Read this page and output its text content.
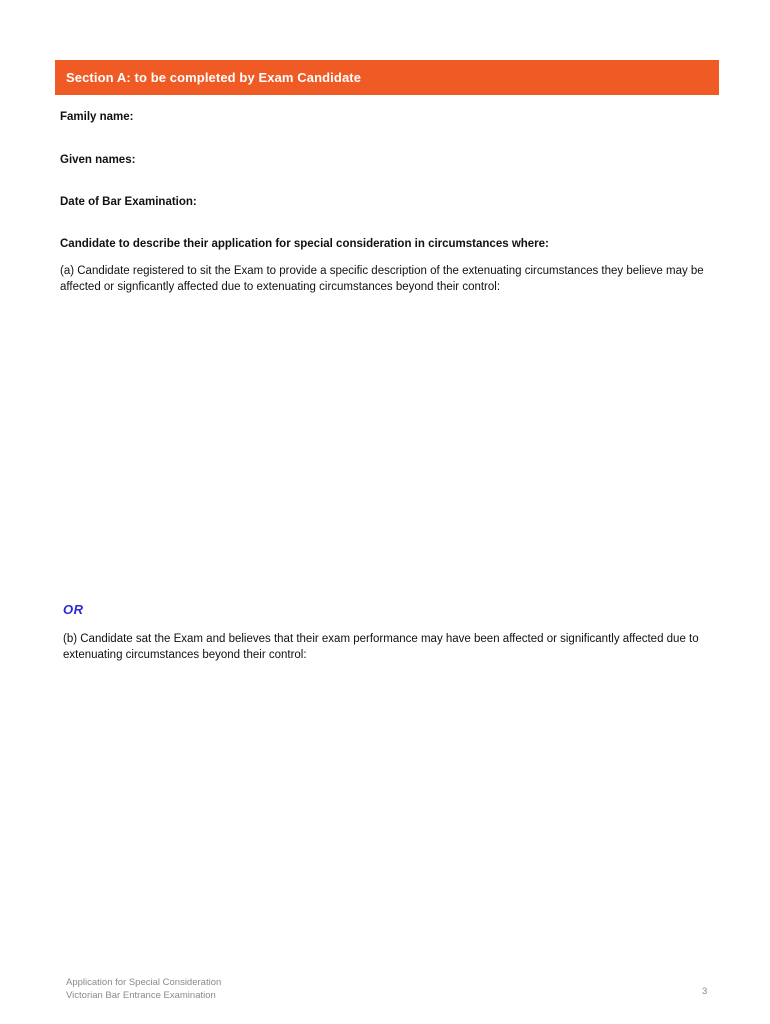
Section A: to be completed by Exam Candidate
Family name:
Given names:
Date of Bar Examination:
Candidate to describe their application for special consideration in circumstances where:
(a) Candidate registered to sit the Exam to provide a specific description of the extenuating circumstances they believe may be affected or signficantly affected due to extenuating circumstances beyond their control:
OR
(b) Candidate sat the Exam and believes that their exam performance may have been affected or significantly affected due to extenuating circumstances beyond their control:
Application for Special Consideration
Victorian Bar Entrance Examination	3
